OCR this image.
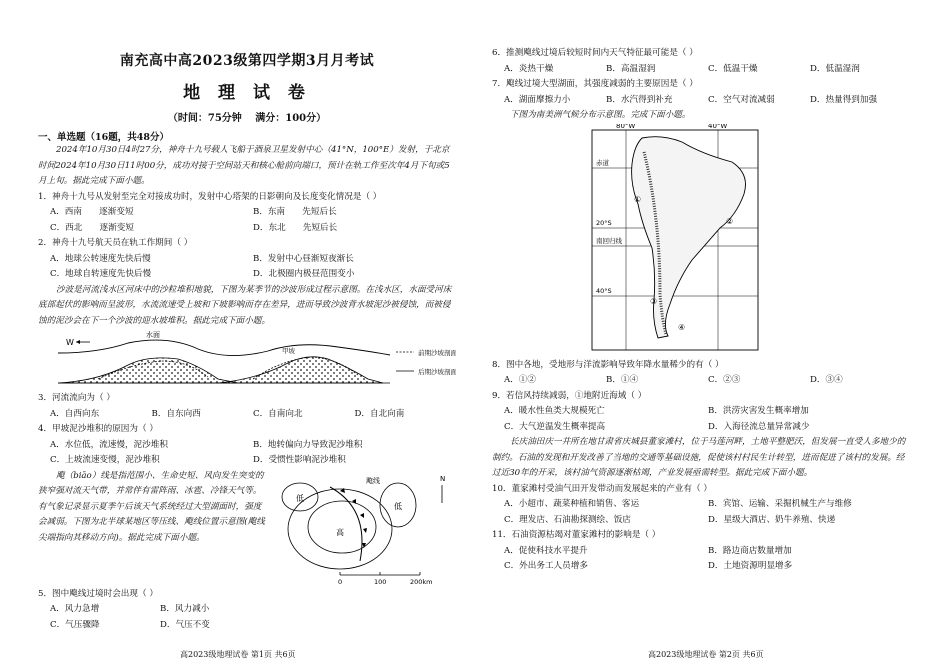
南充高中高2023级第四学期3月月考试
地 理 试 卷
（时间：75分钟　 满分：100分）
一、单选题（16题，共48分）

2024年10月30日4时27分，神舟十九号载人飞船于酒泉卫星发射中心（41°N，100°E）发射，于北京时间2024年10月30日11时00分，成功对接于空间站天和核心舱前向端口，预计在轨工作至次年4月下旬或5月上旬。据此完成下面小题。

1．神舟十九号从发射至完全对接成功时，发射中心塔架的日影朝向及长度变化情况是（ ）

A．西南　　逐渐变短	B．东南　　先短后长
C．西北　　逐渐变短	D．东北　　先短后长

2．神舟十九号航天员在轨工作期间（ ）

A．地球公转速度先快后慢	B．发射中心昼渐短夜渐长
C．地球自转速度先快后慢	D．北极圈内极昼范围变小

沙波是河流浅水区河床中的沙粒堆积地貌，下图为某季节的沙波形成过程示意图。在浅水区，水面受河床底部起伏的影响而呈波形，水流流速受上坡和下坡影响而存在差异，进而导致沙波背水坡泥沙被侵蚀，而被侵蚀的泥沙会在下一个沙波的迎水坡堆积。据此完成下面小题。

W
水面
甲坡	前期沙坡剖面
后期沙坡剖面

3．河流流向为（ ）

A．自西向东	B．自东向西	C．自南向北	D．自北向南

4．甲坡泥沙堆积的原因为（ ）

A．水位低，流速慢，泥沙堆积	B．地转偏向力导致泥沙堆积
C．上坡流速变慢，泥沙堆积	D．受惯性影响泥沙堆积

飑（biāo）线是指范围小、生命史短、风向发生突变的狭窄强对流天气带，并常伴有雷阵雨、冰雹、冷锋天气等。有气象记录显示夏季午后该天气系统经过大型湖面时，强度会减弱。下图为北半球某地区等压线、飑线位置示意图(飑线尖端指向其移动方向)。据此完成下面小题。

飑线
低
低
高
N
0	100	200km

5．图中飑线过境时会出现（ ）

A．风力急增	B．风力减小
C．气压骤降	D．气压不变
高2023级地理试卷 第1页 共6页

6．推测飑线过境后较短时间内天气特征最可能是（ ）

A．炎热干燥	B．高温湿润	C．低温干燥	D．低温湿润

7．飑线过境大型湖面，其强度减弱的主要原因是（ ）

A．湖面摩擦力小	B．水汽得到补充	C．空气对流减弱	D．热量得到加强

下图为南美洲气候分布示意图。完成下面小题。

80°W	40°W
赤道
20°S
南回归线
40°S
①
②
③
④

8．图中各地，受地形与洋流影响导致年降水量稀少的有（ ）

A．①②	B．①④	C．②③	D．③④

9．若信风持续减弱，①地附近海域（ ）

A．暖水性鱼类大规模死亡	B．洪涝灾害发生概率增加
C．大气逆温发生概率提高	D．入海径流总量异常减少

长庆油田庆一井所在地甘肃省庆城县董家滩村，位于马莲河畔，土地平整肥沃，但发展一直受人多地少的制约。石油的发现和开发改善了当地的交通等基础设施，促使该村村民生计转型，进而促进了该村的发展。经过近30年的开采，该村油气资源逐渐枯竭，产业发展亟需转型。据此完成下面小题。

10．董家滩村受油气田开发带动而发展起来的产业有（ ）

A．小超市、蔬菜种植和销售、客运	B．宾馆、运输、采掘机械生产与维修
C．理发店、石油勘探测绘、饭店	D．星级大酒店、奶牛养殖、快递

11．石油资源枯竭对董家滩村的影响是（ ）

A．促使科技水平提升	B．路边商店数量增加
C．外出务工人员增多	D．土地资源明显增多
高2023级地理试卷 第2页 共6页
